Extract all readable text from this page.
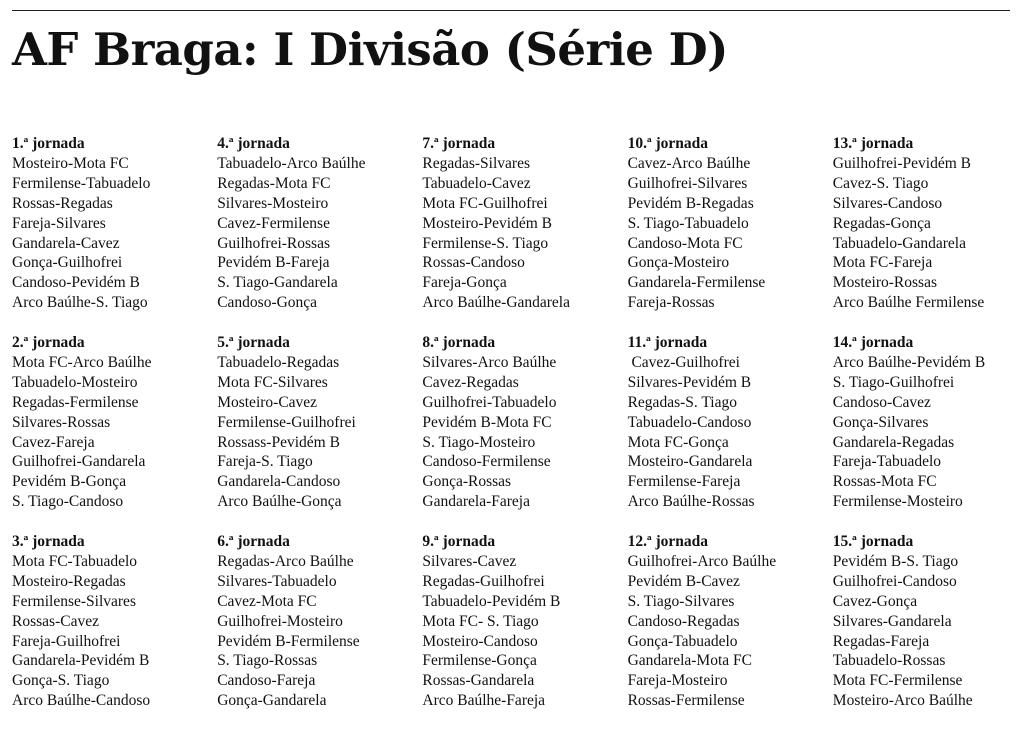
AF Braga: I Divisão (Série D)
1.ª jornada
Mosteiro-Mota FC
Fermilense-Tabuadelo
Rossas-Regadas
Fareja-Silvares
Gandarela-Cavez
Gonça-Guilhofrei
Candoso-Pevidém B
Arco Baúlhe-S. Tiago
2.ª jornada
Mota FC-Arco Baúlhe
Tabuadelo-Mosteiro
Regadas-Fermilense
Silvares-Rossas
Cavez-Fareja
Guilhofrei-Gandarela
Pevidém B-Gonça
S. Tiago-Candoso
3.ª jornada
Mota FC-Tabuadelo
Mosteiro-Regadas
Fermilense-Silvares
Rossas-Cavez
Fareja-Guilhofrei
Gandarela-Pevidém B
Gonça-S. Tiago
Arco Baúlhe-Candoso
4.ª jornada
Tabuadelo-Arco Baúlhe
Regadas-Mota FC
Silvares-Mosteiro
Cavez-Fermilense
Guilhofrei-Rossas
Pevidém B-Fareja
S. Tiago-Gandarela
Candoso-Gonça
5.ª jornada
Tabuadelo-Regadas
Mota FC-Silvares
Mosteiro-Cavez
Fermilense-Guilhofrei
Rossass-Pevidém B
Fareja-S. Tiago
Gandarela-Candoso
Arco Baúlhe-Gonça
6.ª jornada
Regadas-Arco Baúlhe
Silvares-Tabuadelo
Cavez-Mota FC
Guilhofrei-Mosteiro
Pevidém B-Fermilense
S. Tiago-Rossas
Candoso-Fareja
Gonça-Gandarela
7.ª jornada
Regadas-Silvares
Tabuadelo-Cavez
Mota FC-Guilhofrei
Mosteiro-Pevidém B
Fermilense-S. Tiago
Rossas-Candoso
Fareja-Gonça
Arco Baúlhe-Gandarela
8.ª jornada
Silvares-Arco Baúlhe
Cavez-Regadas
Guilhofrei-Tabuadelo
Pevidém B-Mota FC
S. Tiago-Mosteiro
Candoso-Fermilense
Gonça-Rossas
Gandarela-Fareja
9.ª jornada
Silvares-Cavez
Regadas-Guilhofrei
Tabuadelo-Pevidém B
Mota FC- S. Tiago
Mosteiro-Candoso
Fermilense-Gonça
Rossas-Gandarela
Arco Baúlhe-Fareja
10.ª jornada
Cavez-Arco Baúlhe
Guilhofrei-Silvares
Pevidém B-Regadas
S. Tiago-Tabuadelo
Candoso-Mota FC
Gonça-Mosteiro
Gandarela-Fermilense
Fareja-Rossas
11.ª jornada
Cavez-Guilhofrei
Silvares-Pevidém B
Regadas-S. Tiago
Tabuadelo-Candoso
Mota FC-Gonça
Mosteiro-Gandarela
Fermilense-Fareja
Arco Baúlhe-Rossas
12.ª jornada
Guilhofrei-Arco Baúlhe
Pevidém B-Cavez
S. Tiago-Silvares
Candoso-Regadas
Gonça-Tabuadelo
Gandarela-Mota FC
Fareja-Mosteiro
Rossas-Fermilense
13.ª jornada
Guilhofrei-Pevidém B
Cavez-S. Tiago
Silvares-Candoso
Regadas-Gonça
Tabuadelo-Gandarela
Mota FC-Fareja
Mosteiro-Rossas
Arco Baúlhe Fermilense
14.ª jornada
Arco Baúlhe-Pevidém B
S. Tiago-Guilhofrei
Candoso-Cavez
Gonça-Silvares
Gandarela-Regadas
Fareja-Tabuadelo
Rossas-Mota FC
Fermilense-Mosteiro
15.ª jornada
Pevidém B-S. Tiago
Guilhofrei-Candoso
Cavez-Gonça
Silvares-Gandarela
Regadas-Fareja
Tabuadelo-Rossas
Mota FC-Fermilense
Mosteiro-Arco Baúlhe
